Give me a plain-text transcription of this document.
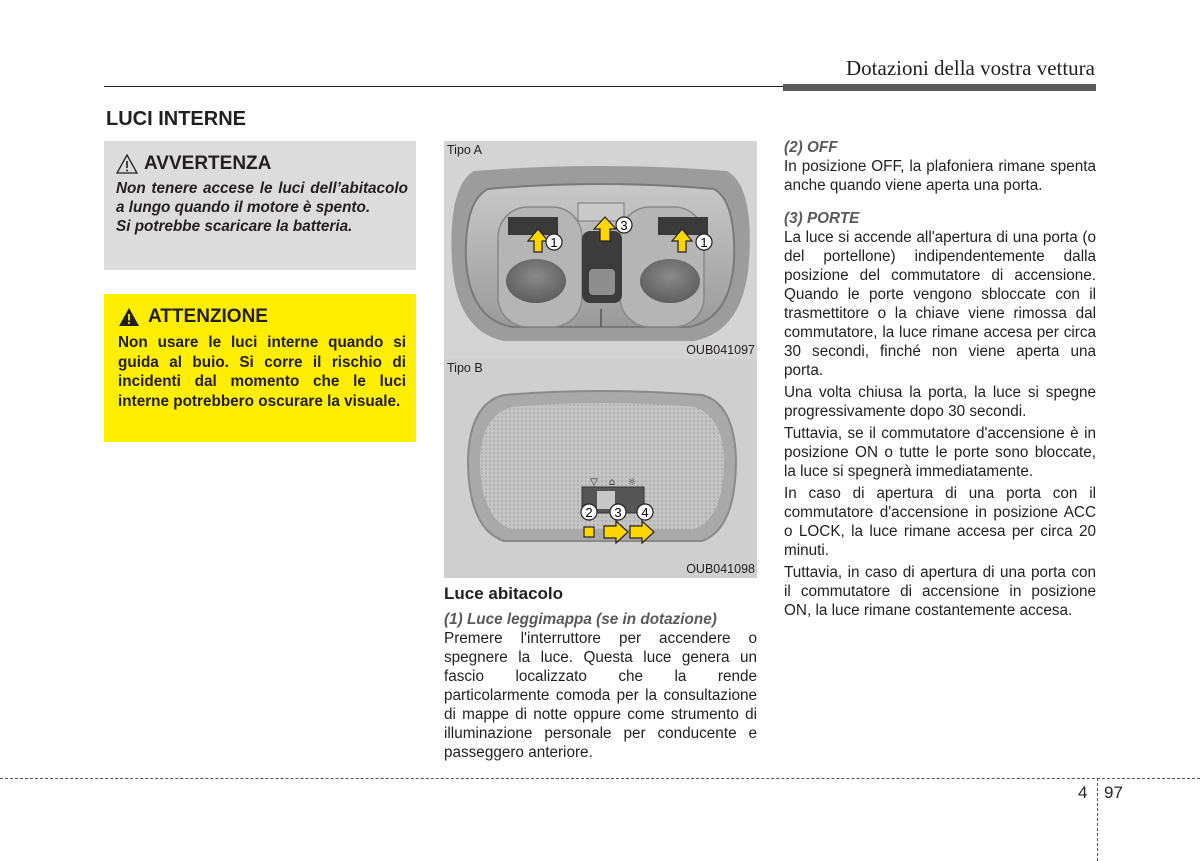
Dotazioni della vostra vettura
LUCI INTERNE
AVVERTENZA

Non tenere accese le luci dell’abitacolo a lungo quando il motore è spento.

Si potrebbe scaricare la batteria.

ATTENZIONE
Non usare le luci interne quando si guida al buio. Si corre il rischio di incidenti dal momento che le luci interne potrebbero oscurare la visuale.
1
3
1
Tipo A
OUB041097
▽ ⌂ ☼
2 3 4
Tipo B
OUB041098

Luce abitacolo

(1) Luce leggimappa (se in dotazione)

Premere l'interruttore per accendere o spegnere la luce. Questa luce genera un fascio localizzato che la rende particolarmente comoda per la consultazione di mappe di notte oppure come strumento di illuminazione personale per conducente e passeggero anteriore.

(2) OFF

In posizione OFF, la plafoniera rimane spenta anche quando viene aperta una porta.

(3) PORTE

La luce si accende all'apertura di una porta (o del portellone) indipendentemente dalla posizione del commutatore di accensione. Quando le porte vengono sbloccate con il trasmettitore o la chiave viene rimossa dal commutatore, la luce rimane accesa per circa 30 secondi, finché non viene aperta una porta.

Una volta chiusa la porta, la luce si spegne progressivamente dopo 30 secondi.

Tuttavia, se il commutatore d'accensione è in posizione ON o tutte le porte sono bloccate, la luce si spegnerà immediatamente.

In caso di apertura di una porta con il commutatore d'accensione in posizione ACC o LOCK, la luce rimane accesa per circa 20 minuti.

Tuttavia, in caso di apertura di una porta con il commutatore di accensione in posizione ON, la luce rimane costantemente accesa.

4 97
